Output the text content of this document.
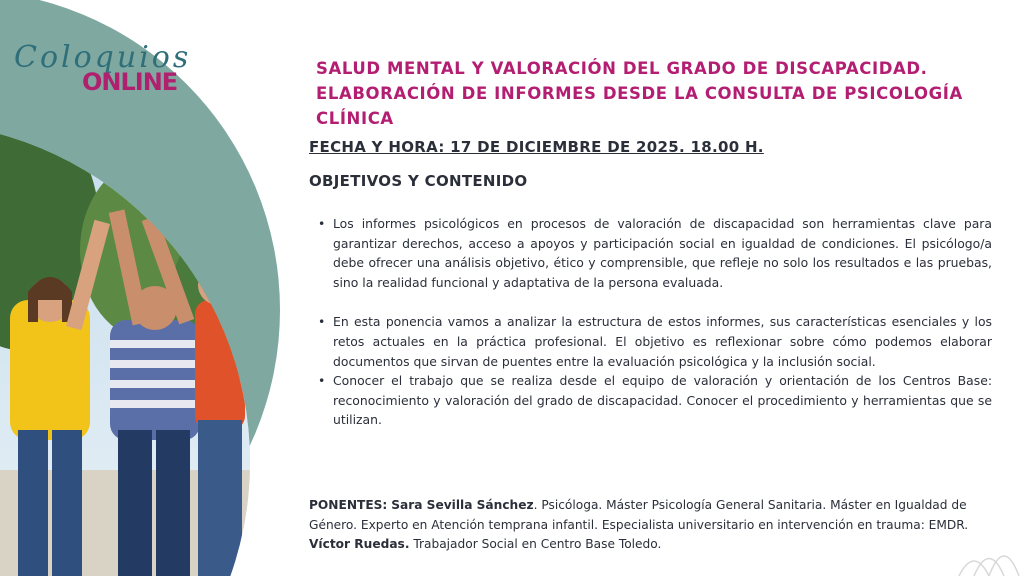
Coloquios
ONLINE	SALUD MENTAL Y VALORACIÓN DEL GRADO DE DISCAPACIDAD.
ELABORACIÓN DE INFORMES DESDE LA CONSULTA DE PSICOLOGÍA
CLÍNICA
FECHA Y HORA: 17 DE DICIEMBRE DE 2025. 18.00 H.
OBJETIVOS Y CONTENIDO
• Los informes psicológicos en procesos de valoración de discapacidad son herramientas clave para garantizar derechos, acceso a apoyos y participación social en igualdad de condiciones. El psicólogo/a debe ofrecer una análisis objetivo, ético y comprensible, que refleje no solo los resultados e las pruebas, sino la realidad funcional y adaptativa de la persona evaluada.
• En esta ponencia vamos a analizar la estructura de estos informes, sus características esenciales y los retos actuales en la práctica profesional. El objetivo es reflexionar sobre cómo podemos elaborar documentos que sirvan de puentes entre la evaluación psicológica y la inclusión social.
• Conocer el trabajo que se realiza desde el equipo de valoración y orientación de los Centros Base: reconocimiento y valoración del grado de discapacidad. Conocer el procedimiento y herramientas que se utilizan.
PONENTES: Sara Sevilla Sánchez. Psicóloga. Máster Psicología General Sanitaria. Máster en Igualdad de Género. Experto en Atención temprana infantil. Especialista universitario en intervención en trauma: EMDR. Víctor Ruedas. Trabajador Social en Centro Base Toledo.
